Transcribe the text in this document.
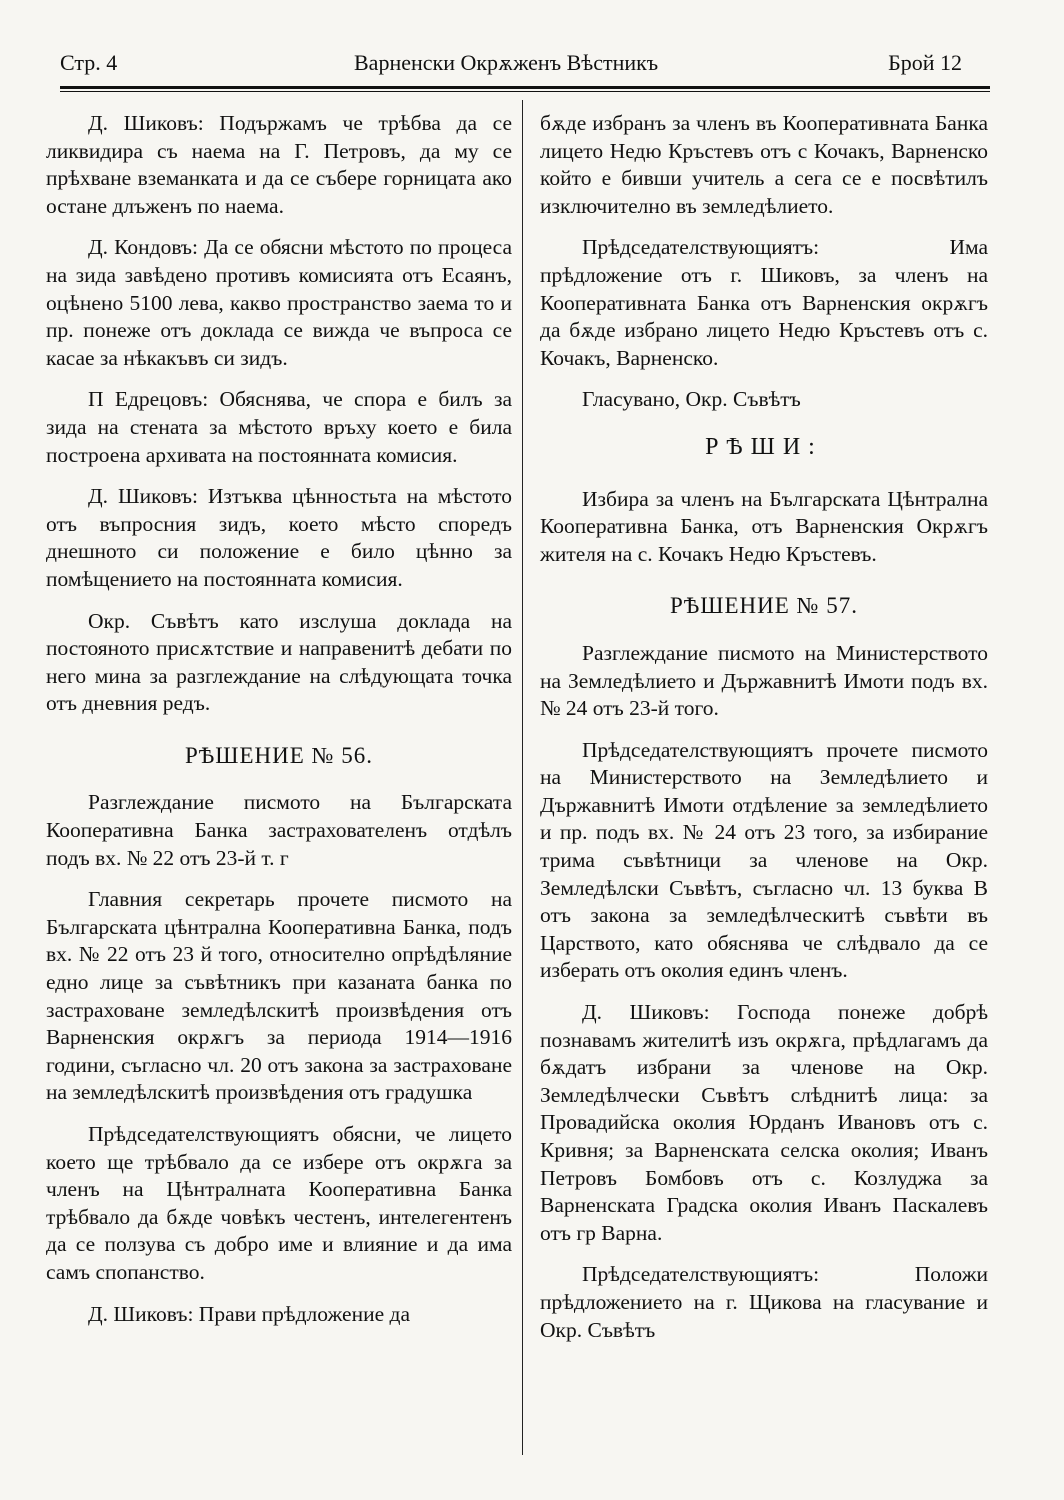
Стр. 4	Варненски Окрѫженъ Вѣстникъ	Брой 12

Д. Шиковъ: Подържамъ че трѣбва да се ликвидира съ наема на Г. Петровъ, да му се прѣхване вземанката и да се събере горницата ако остане длъженъ по наема.

Д. Кондовъ: Да се обясни мѣстото по процеса на зида завѣдено противъ комисията отъ Есаянъ, оцѣнено 5100 лева, какво пространство заема то и пр. понеже отъ доклада се вижда че въпроса се касае за нѣкакъвъ си зидъ.

П Едрецовъ: Обяснява, че спора е билъ за зида на стената за мѣстото връху което е била построена архивата на постоянната комисия.

Д. Шиковъ: Изтъква цѣнностьта на мѣстото отъ въпросния зидъ, което мѣсто споредъ днешното си положение е било цѣнно за помѣщението на постоянната комисия.

Окр. Съвѣтъ като изслуша доклада на постояното присѫтствие и направенитѣ дебати по него мина за разглеждание на слѣдующата точка отъ дневния редъ.

РѢШЕНИЕ № 56.

Разглеждание писмото на Българската Кооперативна Банка застрахователенъ отдѣлъ подъ вх. № 22 отъ 23-й т. г

Главния секретарь прочете писмото на Българската цѣнтрална Кооперативна Банка, подъ вх. № 22 отъ 23 й того, относително опрѣдѣляние едно лице за съвѣтникъ при казаната банка по застраховане земледѣлскитѣ произвѣдения отъ Варненския окрѫгъ за периода 1914—1916 години, съгласно чл. 20 отъ закона за застраховане на земледѣлскитѣ произвѣдения отъ градушка

Прѣдседателствующиятъ обясни, че лицето което ще трѣбвало да се избере отъ окрѫга за членъ на Цѣнтралната Кооперативна Банка трѣбвало да бѫде човѣкъ честенъ, интелегентенъ да се ползува съ добро име и влияние и да има самъ спопанство.

Д. Шиковъ: Прави прѣдложение да

бѫде избранъ за членъ въ Кооперативната Банка лицето Недю Кръстевъ отъ с Кочакъ, Варненско който е бивши учитель а сега се е посвѣтилъ изключително въ земледѣлието.

Прѣдседателствующиятъ: Има прѣдложение отъ г. Шиковъ, за членъ на Кооперативната Банка отъ Варненския окрѫгъ да бѫде избрано лицето Недю Кръстевъ отъ с. Кочакъ, Варненско.

Гласувано, Окр. Съвѣтъ

РѢШИ:

Избира за членъ на Българската Цѣнтрална Кооперативна Банка, отъ Варненския Окрѫгъ жителя на с. Кочакъ Недю Кръстевъ.

РѢШЕНИЕ № 57.

Разглеждание писмото на Министерството на Земледѣлието и Държавнитѣ Имоти подъ вх. № 24 отъ 23-й того.

Прѣдседателствующиятъ прочете писмото на Министерството на Земледѣлието и Държавнитѣ Имоти отдѣление за земледѣлието и пр. подъ вх. № 24 отъ 23 того, за избирание трима съвѣтници за членове на Окр. Земледѣлски Съвѣтъ, съгласно чл. 13 буква В отъ закона за земледѣлческитѣ съвѣти въ Царството, като обяснява че слѣдвало да се изберать отъ околия единъ членъ.

Д. Шиковъ: Господа понеже добрѣ познавамъ жителитѣ изъ окрѫга, прѣдлагамъ да бѫдатъ избрани за членове на Окр. Земледѣлчески Съвѣтъ слѣднитѣ лица: за Провадийска околия Юрданъ Ивановъ отъ с. Кривня; за Варненската селска околия; Иванъ Петровъ Бомбовъ отъ с. Козлуджа за Варненската Градска околия Иванъ Паскалевъ отъ гр Варна.

Прѣдседателствующиятъ: Положи прѣдложението на г. Щикова на гласувание и Окр. Съвѣтъ
